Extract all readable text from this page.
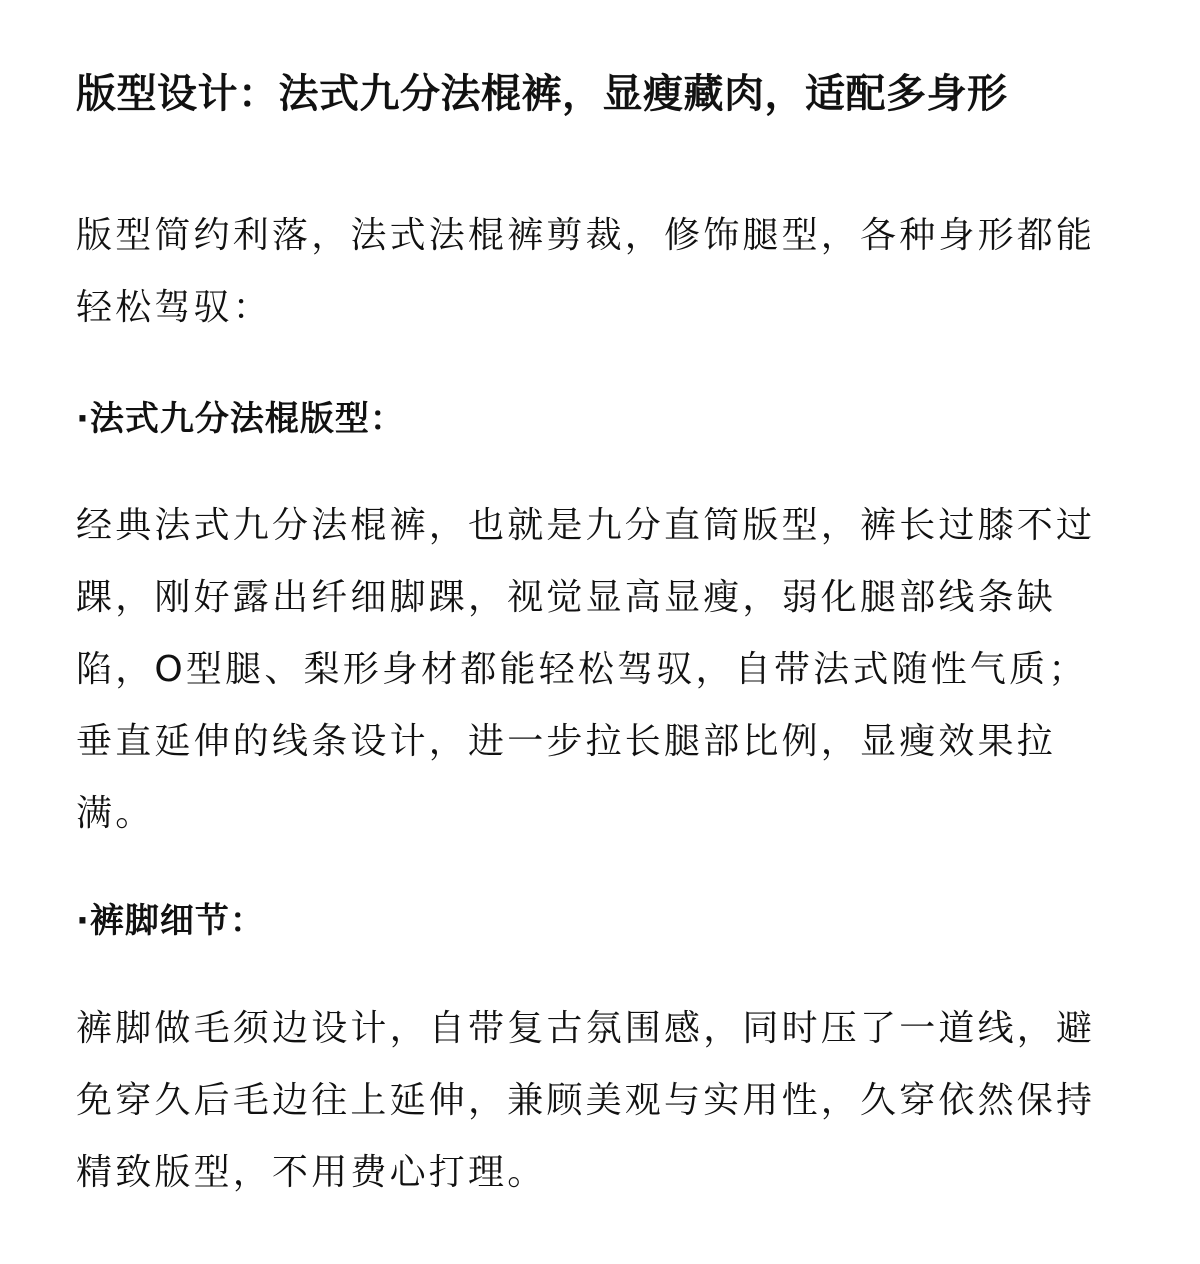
版型设计：法式九分法棍裤，显瘦藏肉，适配多身形

版型简约利落，法式法棍裤剪裁，修饰腿型，各种身形都能
轻松驾驭：

·法式九分法棍版型：

经典法式九分法棍裤，也就是九分直筒版型，裤长过膝不过
踝，刚好露出纤细脚踝，视觉显高显瘦，弱化腿部线条缺
陷，O型腿、梨形身材都能轻松驾驭，自带法式随性气质；
垂直延伸的线条设计，进一步拉长腿部比例，显瘦效果拉
满。

·裤脚细节：

裤脚做毛须边设计，自带复古氛围感，同时压了一道线，避
免穿久后毛边往上延伸，兼顾美观与实用性，久穿依然保持
精致版型，不用费心打理。
